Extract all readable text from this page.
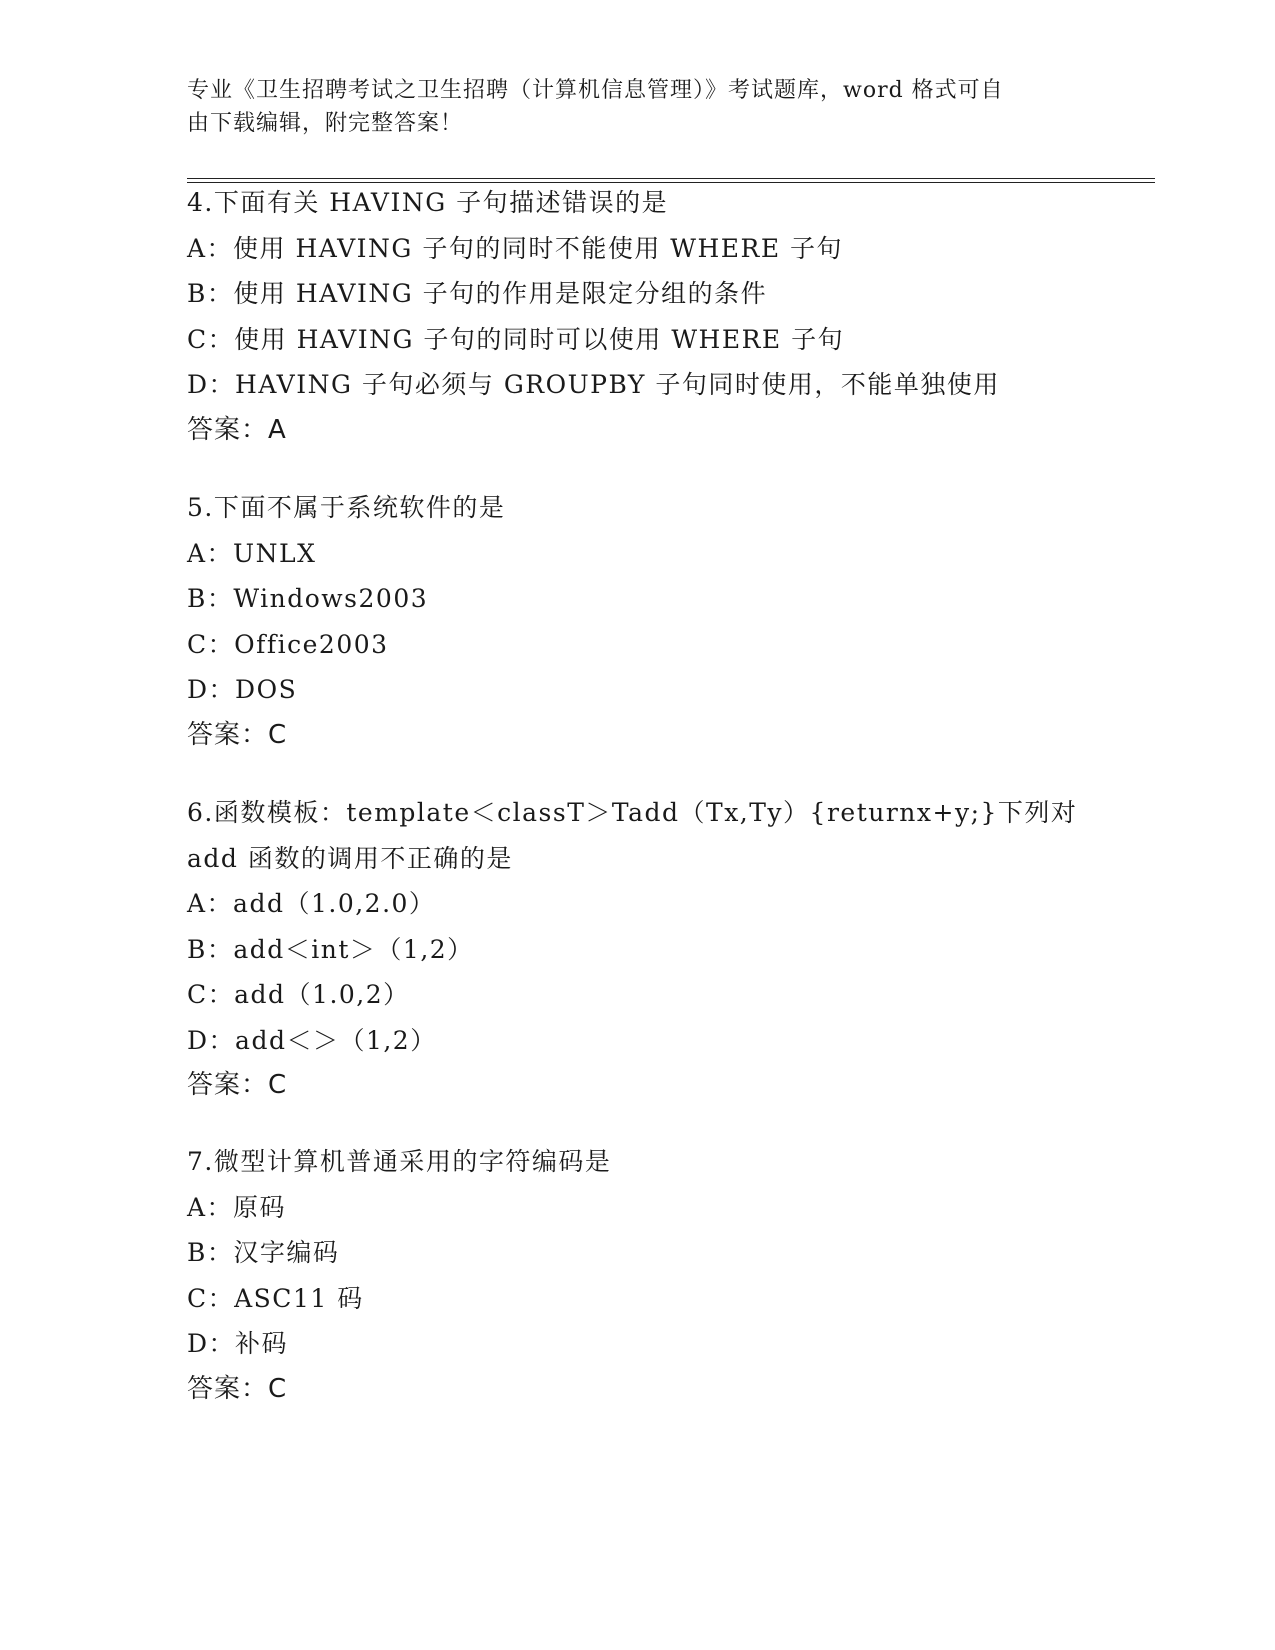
专业《卫生招聘考试之卫生招聘（计算机信息管理）》考试题库，word 格式可自
由下载编辑，附完整答案！
4.下面有关 HAVING 子句描述错误的是
A：使用 HAVING 子句的同时不能使用 WHERE 子句
B：使用 HAVING 子句的作用是限定分组的条件
C：使用 HAVING 子句的同时可以使用 WHERE 子句
D：HAVING 子句必须与 GROUPBY 子句同时使用，不能单独使用
答案：A
5.下面不属于系统软件的是
A：UNLX
B：Windows2003
C：Office2003
D：DOS
答案：C
6.函数模板：template＜classT＞Tadd（Tx,Ty）{returnx+y;}下列对
add 函数的调用不正确的是
A：add（1.0,2.0）
B：add＜int＞（1,2）
C：add（1.0,2）
D：add＜＞（1,2）
答案：C
7.微型计算机普通采用的字符编码是
A：原码
B：汉字编码
C：ASC11 码
D：补码
答案：C
